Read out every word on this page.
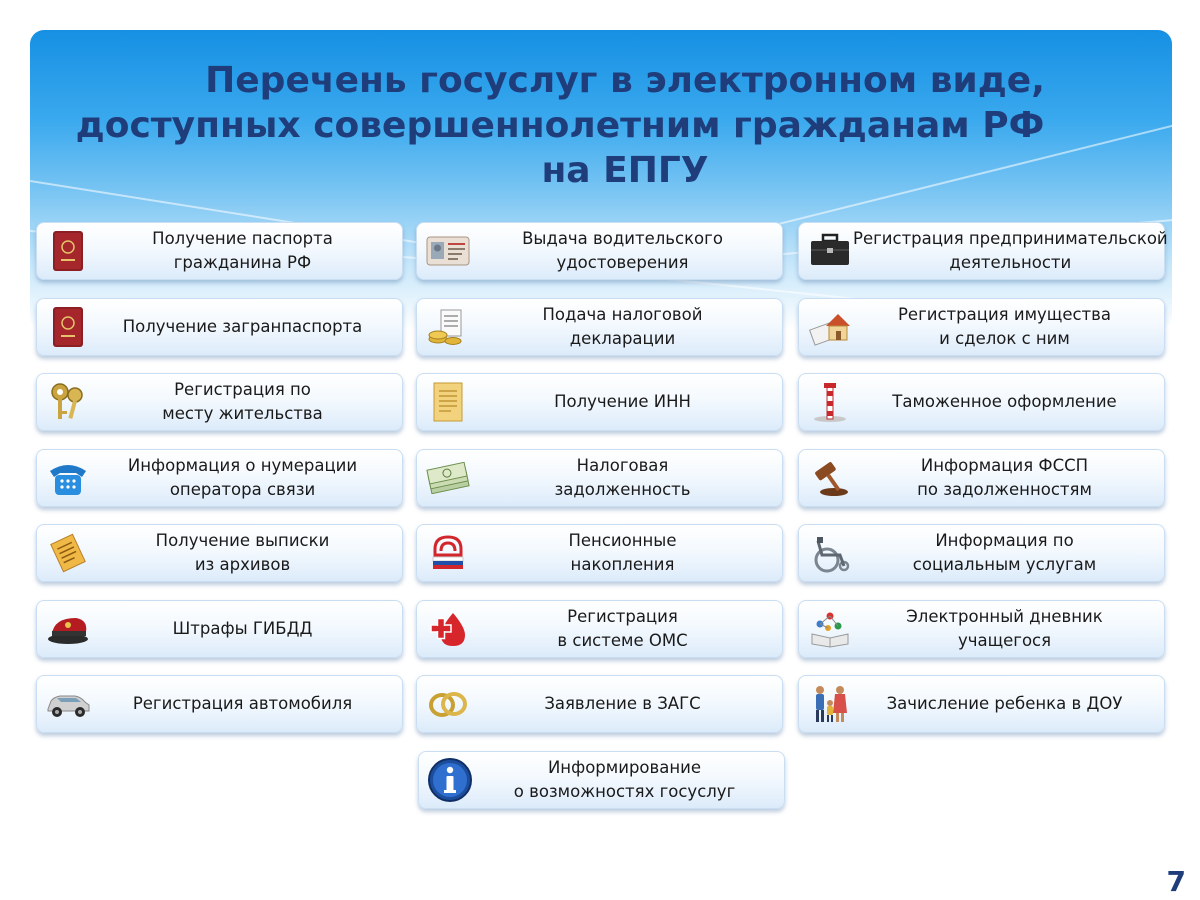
Перечень госуслуг в электронном виде,
доступных совершеннолетним гражданам РФ
на ЕПГУ
Получение паспорта
гражданина РФ
Получение загранпаспорта
Регистрация по
месту жительства
Информация о нумерации
оператора связи
Получение выписки
из архивов
Штрафы ГИБДД
Регистрация автомобиля
Выдача водительского
удостоверения
Подача налоговой
декларации
Получение ИНН
Налоговая
задолженность
Пенсионные
накопления
Регистрация
в системе ОМС
Заявление в ЗАГС
Регистрация предпринимательской
деятельности
Регистрация имущества
и сделок с ним
Таможенное оформление
Информация ФССП
по задолженностям
Информация по
социальным услугам
Электронный дневник
учащегося
Зачисление ребенка в ДОУ
Информирование
о возможностях госуслуг
7
